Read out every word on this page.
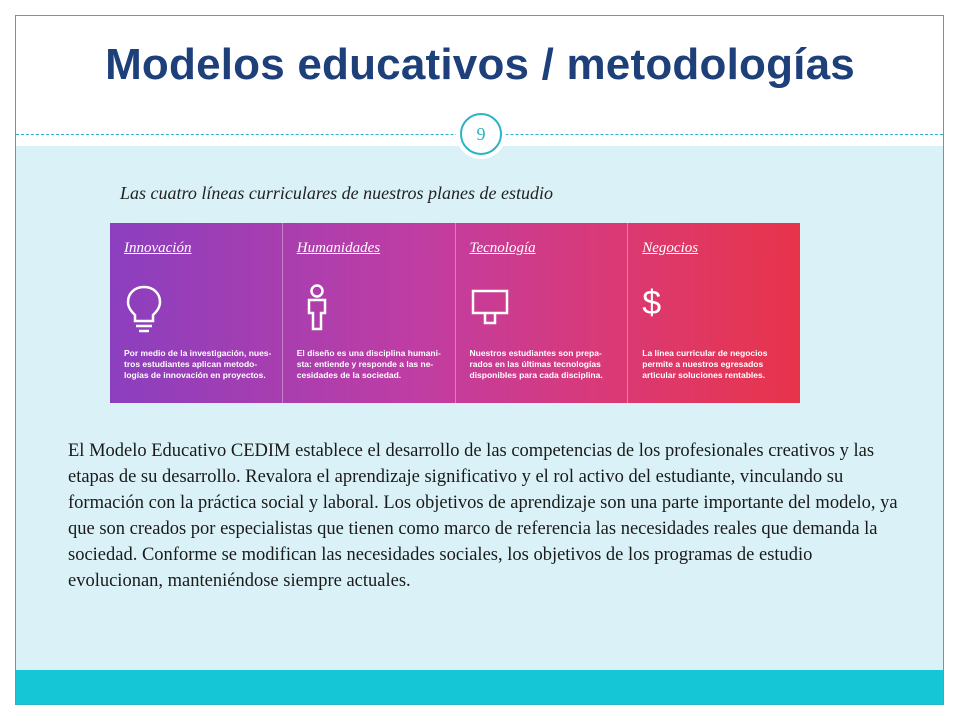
Modelos educativos / metodologías
9
Las cuatro líneas curriculares de nuestros planes de estudio
Innovación
Por medio de la investigación, nues-tros estudiantes aplican metodo-logías de innovación en proyectos.
Humanidades
El diseño es una disciplina humani-sta: entiende y responde a las ne-cesidades de la sociedad.
Tecnología
Nuestros estudiantes son prepa-rados en las últimas tecnologías disponibles para cada disciplina.
Negocios
$
La línea curricular de negocios permite a nuestros egresados articular soluciones rentables.
El Modelo Educativo CEDIM establece el desarrollo de las competencias de los profesionales creativos y las etapas de su desarrollo. Revalora el aprendizaje significativo y el rol activo del estudiante, vinculando su formación con la práctica social y laboral. Los objetivos de aprendizaje son una parte importante del modelo, ya que son creados por especialistas que tienen como marco de referencia las necesidades reales que demanda la sociedad. Conforme se modifican las necesidades sociales, los objetivos de los programas de estudio evolucionan, manteniéndose siempre actuales.
